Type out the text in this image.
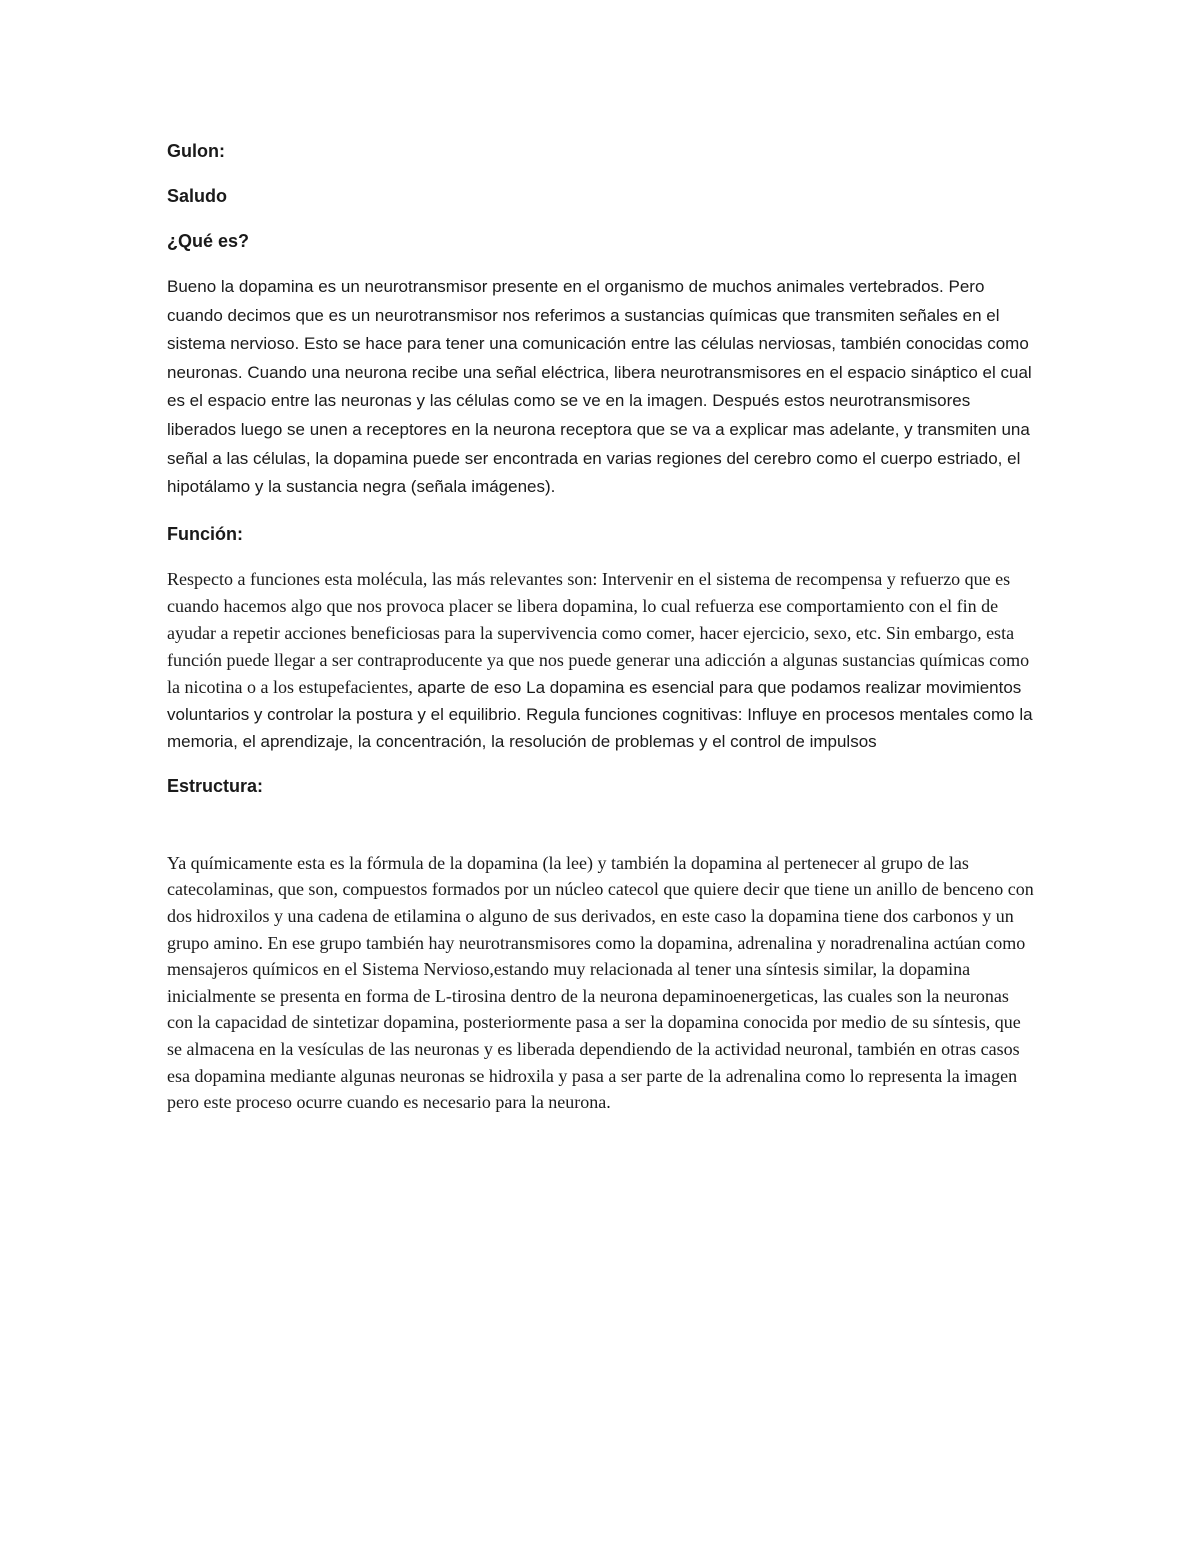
Gulon:
Saludo
¿Qué es?

Bueno la dopamina es un neurotransmisor presente en el organismo de muchos animales vertebrados. Pero cuando decimos que es un neurotransmisor nos referimos a sustancias químicas que transmiten señales en el sistema nervioso. Esto se hace para tener una comunicación entre las células nerviosas, también conocidas como neuronas. Cuando una neurona recibe una señal eléctrica, libera neurotransmisores en el espacio sináptico el cual es el espacio entre las neuronas y las células como se ve en la imagen. Después estos neurotransmisores liberados luego se unen a receptores en la neurona receptora que se va a explicar mas adelante, y transmiten una señal a las células, la dopamina puede ser encontrada en varias regiones del cerebro como el cuerpo estriado, el hipotálamo y la sustancia negra (señala imágenes).

Función:

Respecto a funciones esta molécula, las más relevantes son: Intervenir en el sistema de recompensa y refuerzo que es cuando hacemos algo que nos provoca placer se libera dopamina, lo cual refuerza ese comportamiento con el fin de ayudar a repetir acciones beneficiosas para la supervivencia como comer, hacer ejercicio, sexo, etc. Sin embargo, esta función puede llegar a ser contraproducente ya que nos puede generar una adicción a algunas sustancias químicas como la nicotina o a los estupefacientes, aparte de eso La dopamina es esencial para que podamos realizar movimientos voluntarios y controlar la postura y el equilibrio. Regula funciones cognitivas: Influye en procesos mentales como la memoria, el aprendizaje, la concentración, la resolución de problemas y el control de impulsos

Estructura:

Ya químicamente esta es la fórmula de la dopamina (la lee) y también la dopamina al pertenecer al grupo de las catecolaminas, que son, compuestos formados por un núcleo catecol que quiere decir que tiene un anillo de benceno con dos hidroxilos y una cadena de etilamina o alguno de sus derivados, en este caso la dopamina tiene dos carbonos y un grupo amino. En ese grupo también hay neurotransmisores como la dopamina, adrenalina y noradrenalina actúan como mensajeros químicos en el Sistema Nervioso,estando muy relacionada al tener una síntesis similar, la dopamina inicialmente se presenta en forma de L-tirosina dentro de la neurona depaminoenergeticas, las cuales son la neuronas con la capacidad de sintetizar dopamina, posteriormente pasa a ser la dopamina conocida por medio de su síntesis, que se almacena en la vesículas de las neuronas y es liberada dependiendo de la actividad neuronal, también en otras casos esa dopamina mediante algunas neuronas se hidroxila y pasa a ser parte de la adrenalina como lo representa la imagen pero este proceso ocurre cuando es necesario para la neurona.
